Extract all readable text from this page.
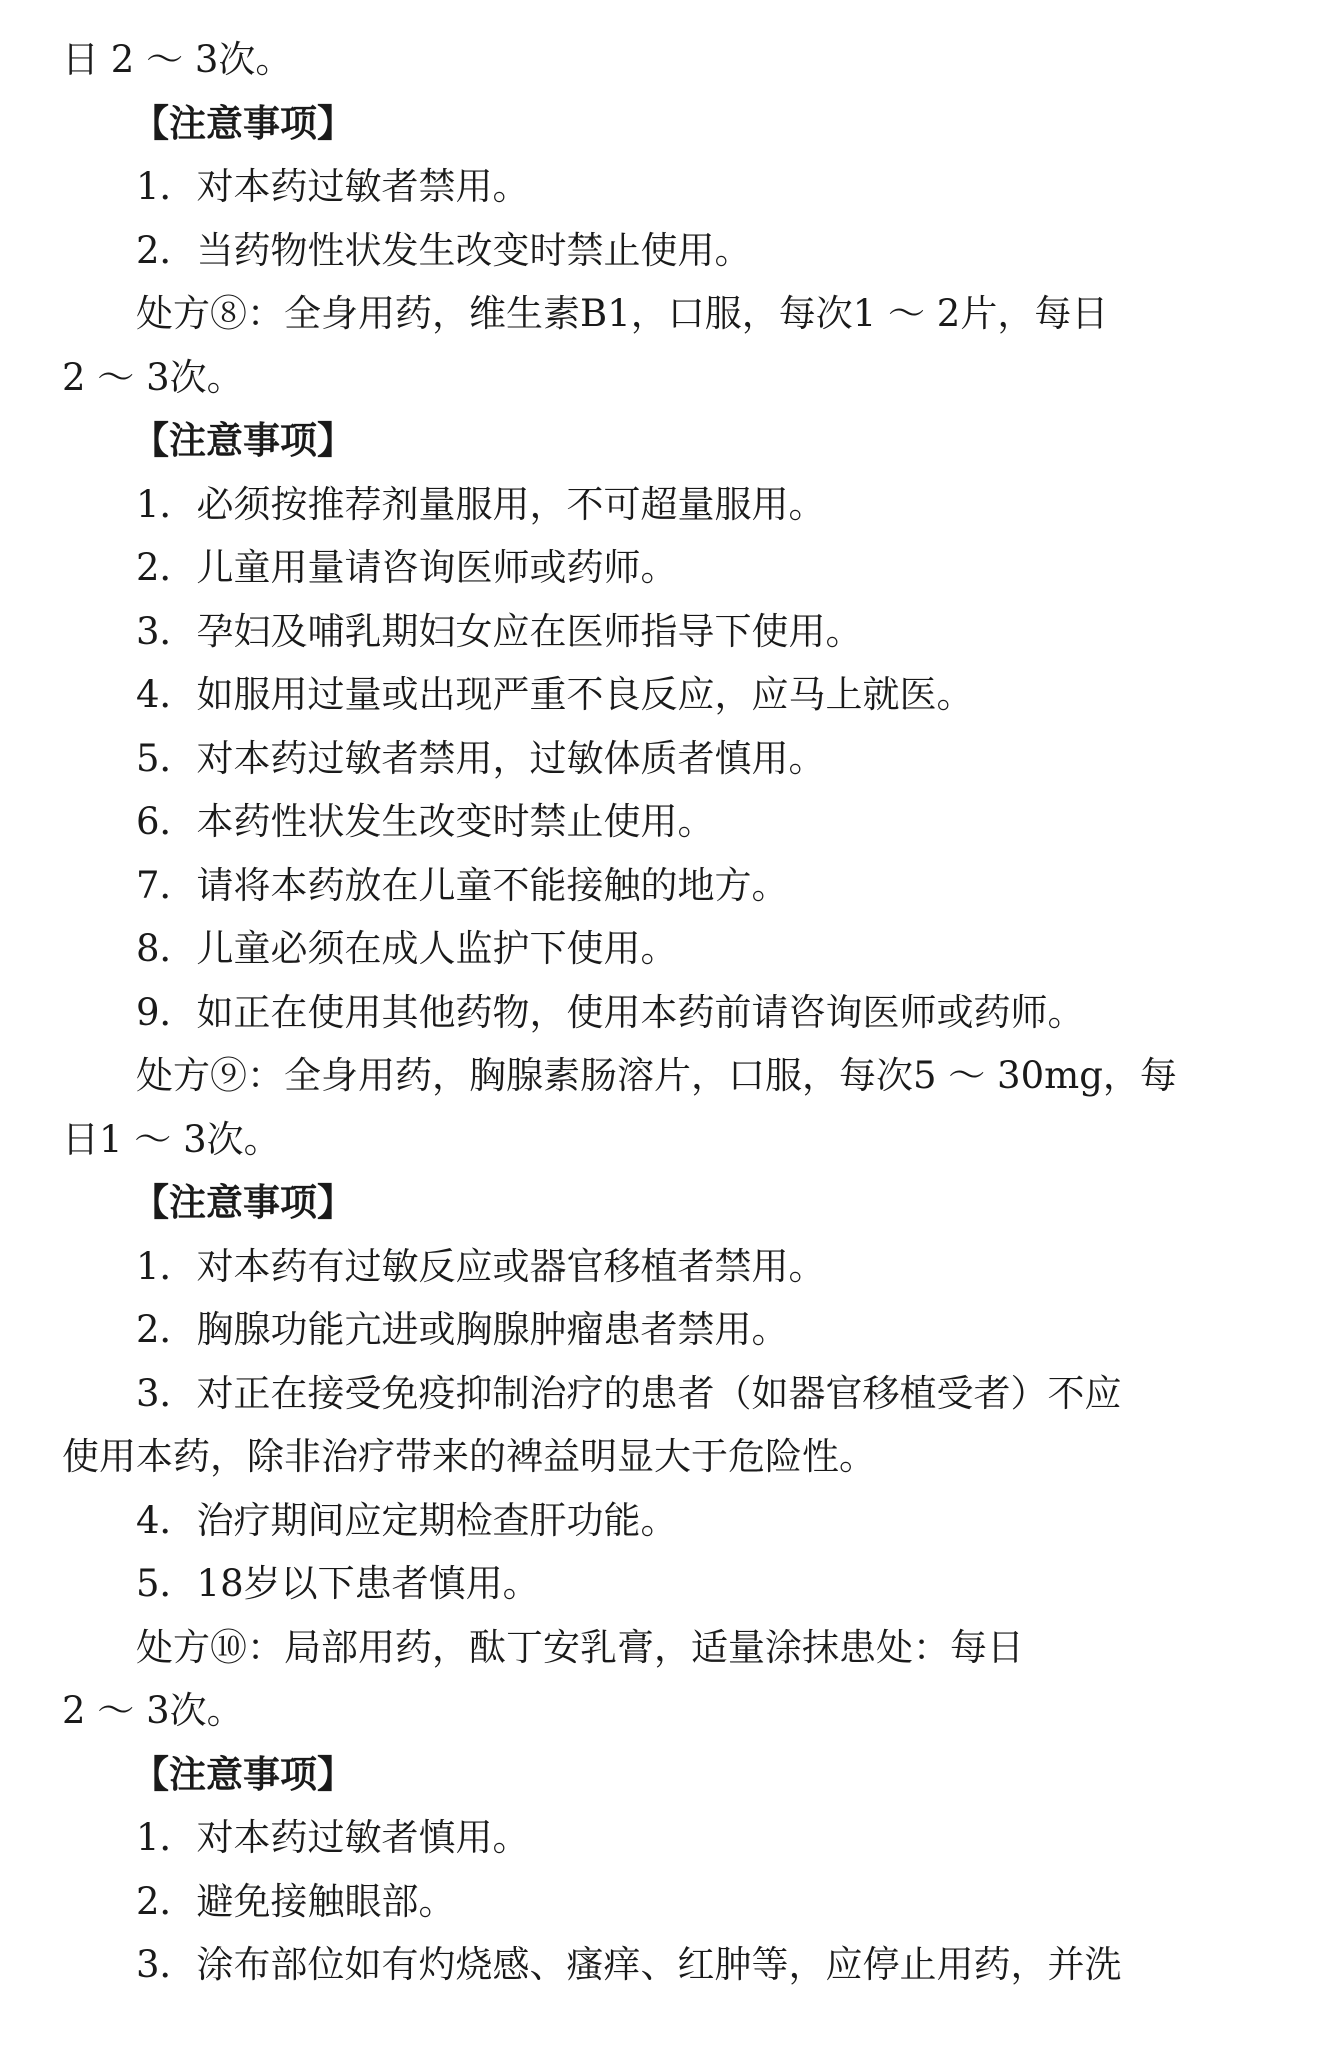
日 2 ～ 3次。
【注意事项】
1．对本药过敏者禁用。
2．当药物性状发生改变时禁止使用。
处方⑧：全身用药，维生素B1，口服，每次1 ～ 2片，每日
2 ～ 3次。
【注意事项】
1．必须按推荐剂量服用，不可超量服用。
2．儿童用量请咨询医师或药师。
3．孕妇及哺乳期妇女应在医师指导下使用。
4．如服用过量或出现严重不良反应，应马上就医。
5．对本药过敏者禁用，过敏体质者慎用。
6．本药性状发生改变时禁止使用。
7．请将本药放在儿童不能接触的地方。
8．儿童必须在成人监护下使用。
9．如正在使用其他药物，使用本药前请咨询医师或药师。
处方⑨：全身用药，胸腺素肠溶片，口服，每次5 ～ 30mg，每
日1 ～ 3次。
【注意事项】
1．对本药有过敏反应或器官移植者禁用。
2．胸腺功能亢进或胸腺肿瘤患者禁用。
3．对正在接受免疫抑制治疗的患者（如器官移植受者）不应
使用本药，除非治疗带来的裨益明显大于危险性。
4．治疗期间应定期检查肝功能。
5．18岁以下患者慎用。
处方⑩：局部用药，酞丁安乳膏，适量涂抹患处：每日
2 ～ 3次。
【注意事项】
1．对本药过敏者慎用。
2．避免接触眼部。
3．涂布部位如有灼烧感、瘙痒、红肿等，应停止用药，并洗
